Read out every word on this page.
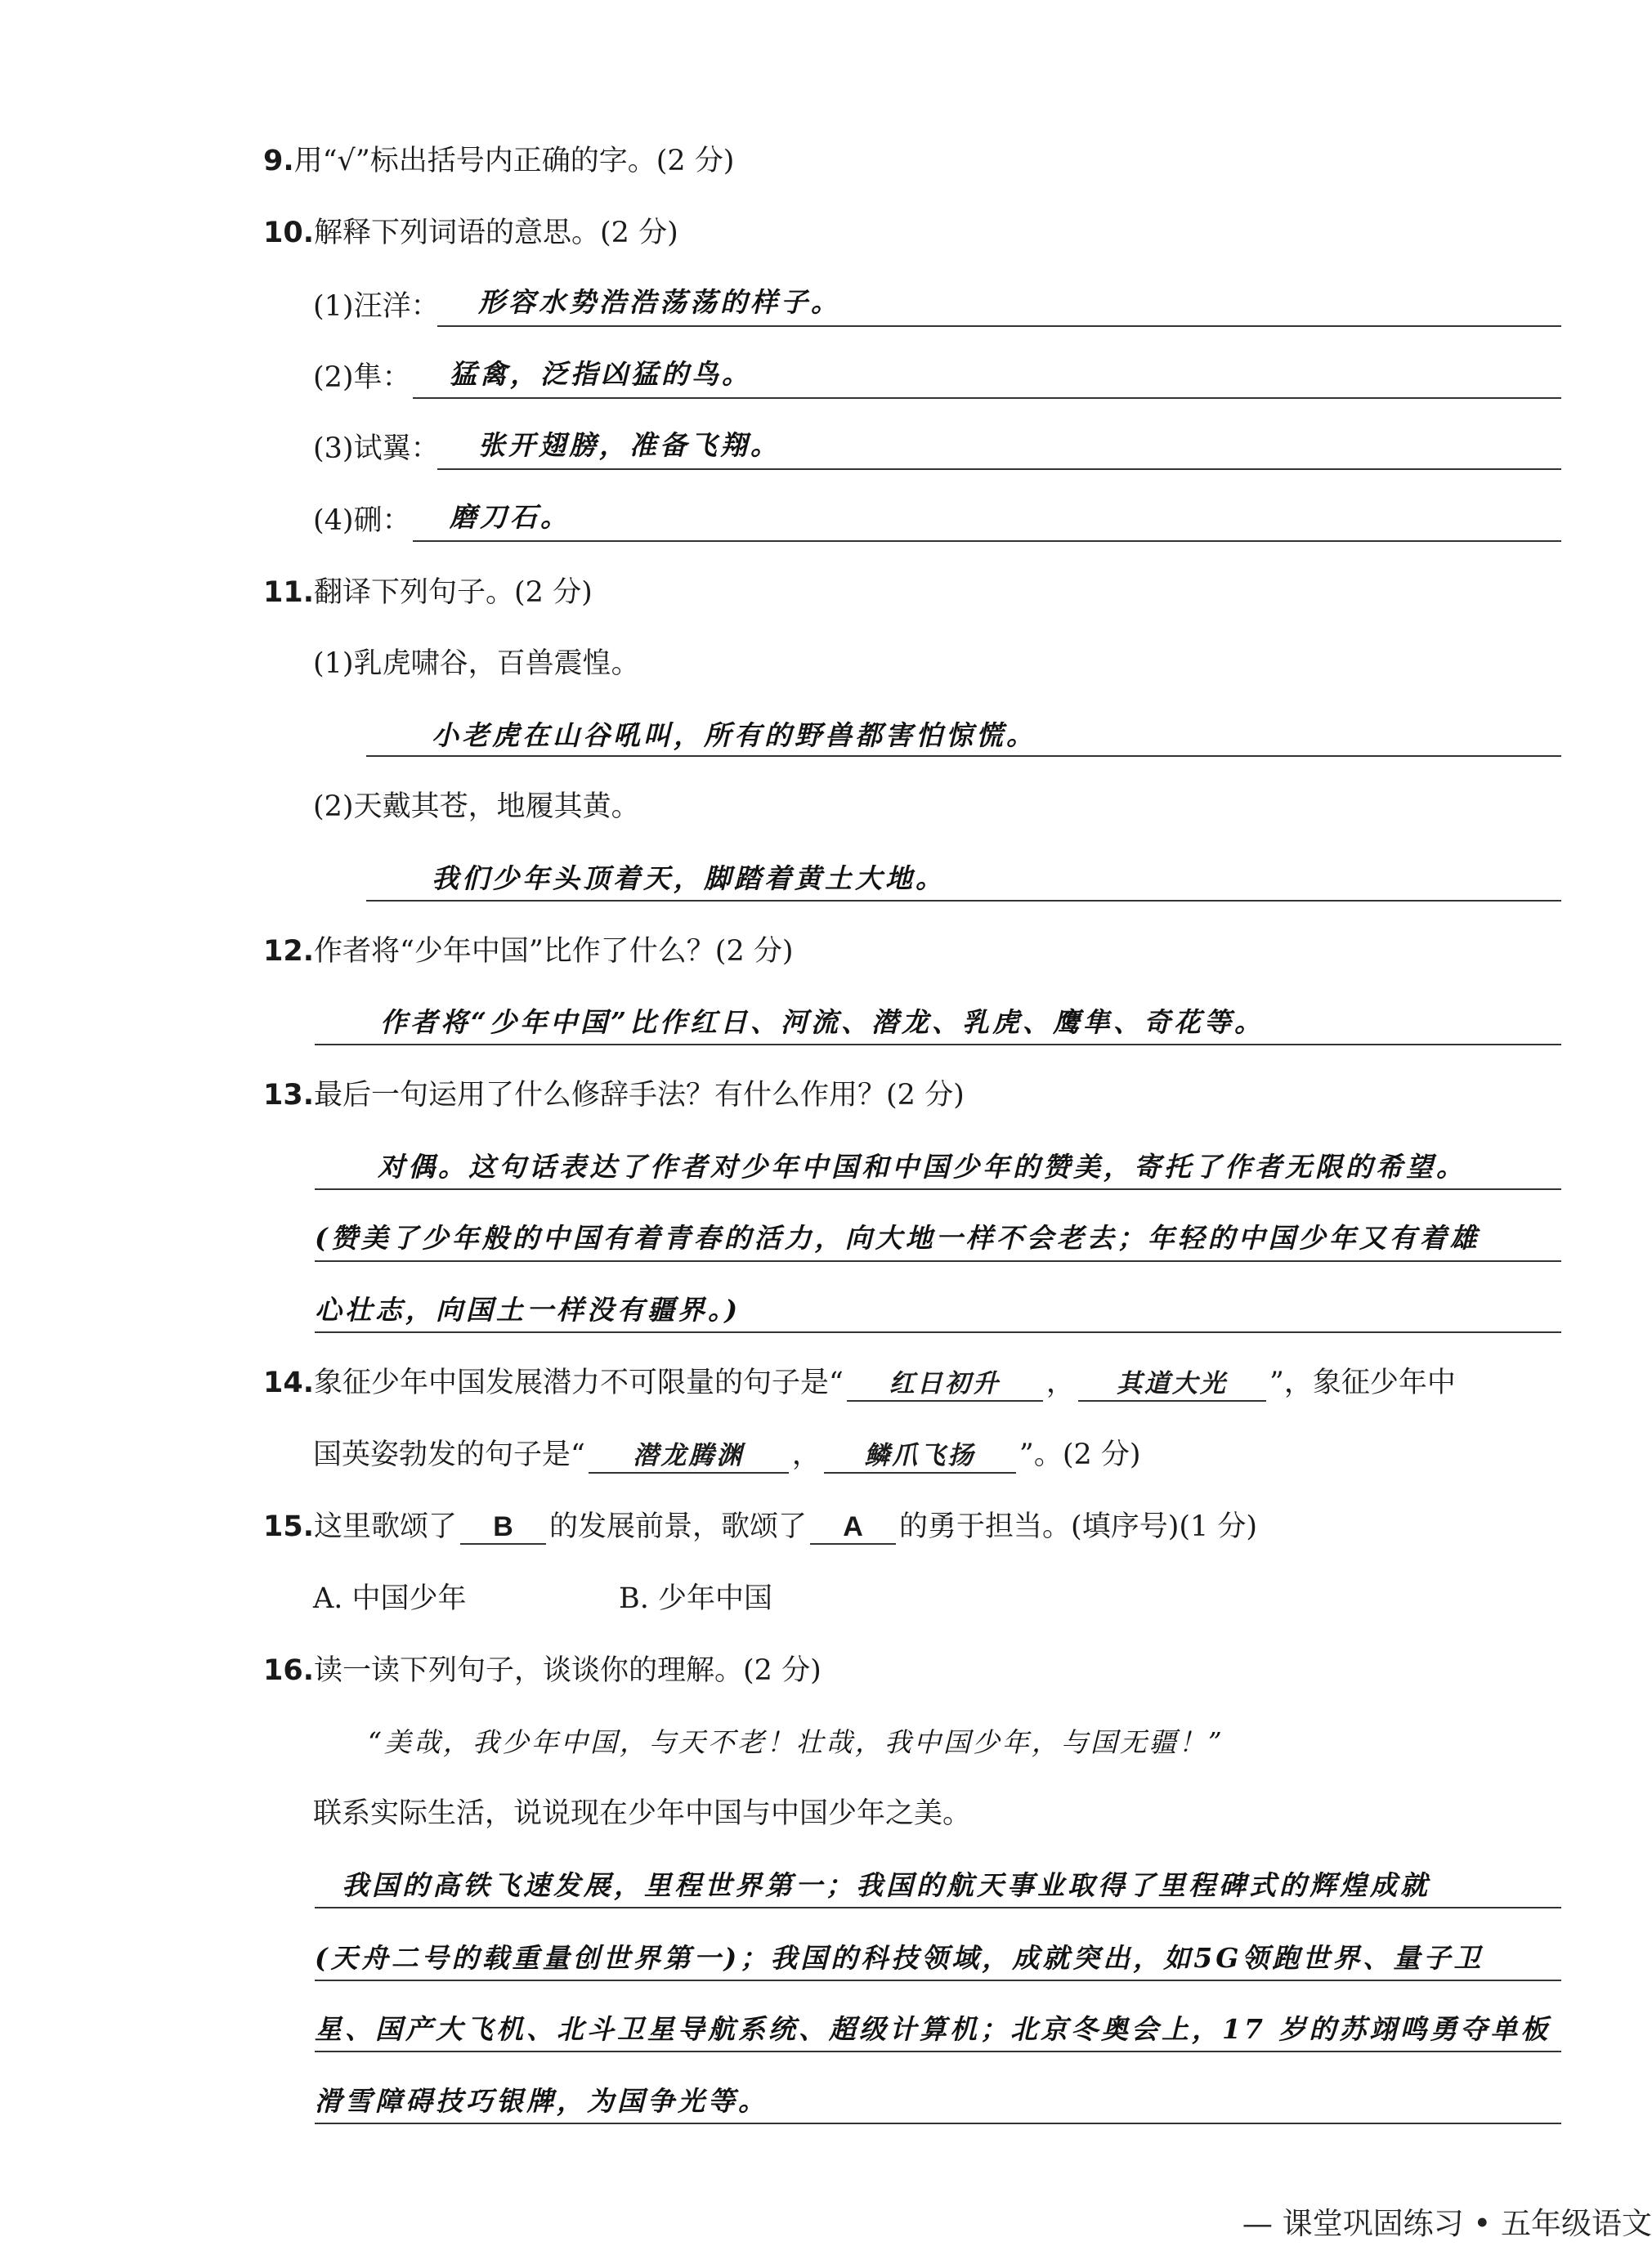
9.用“√”标出括号内正确的字。(2 分)
10.解释下列词语的意思。(2 分)
(1)汪洋： 形容水势浩浩荡荡的样子。
(2)隼： 猛禽，泛指凶猛的鸟。
(3)试翼： 张开翅膀，准备飞翔。
(4)硎： 磨刀石。
11.翻译下列句子。(2 分)
(1)乳虎啸谷，百兽震惶。
小老虎在山谷吼叫，所有的野兽都害怕惊慌。
(2)天戴其苍，地履其黄。
我们少年头顶着天，脚踏着黄土大地。
12.作者将“少年中国”比作了什么？(2 分)
作者将“少年中国”比作红日、河流、潜龙、乳虎、鹰隼、奇花等。
13.最后一句运用了什么修辞手法？有什么作用？(2 分)
对偶。这句话表达了作者对少年中国和中国少年的赞美，寄托了作者无限的希望。
(赞美了少年般的中国有着青春的活力，向大地一样不会老去；年轻的中国少年又有着雄
心壮志，向国土一样没有疆界。)
14.象征少年中国发展潜力不可限量的句子是“ 红日初升 ， 其道大光 ”，象征少年中
国英姿勃发的句子是“ 潜龙腾渊 ， 鳞爪飞扬 ”。(2 分)
15.这里歌颂了 B 的发展前景，歌颂了 A 的勇于担当。(填序号)(1 分)
A. 中国少年	B. 少年中国
16.读一读下列句子，谈谈你的理解。(2 分)
“美哉，我少年中国，与天不老！壮哉，我中国少年，与国无疆！”
联系实际生活，说说现在少年中国与中国少年之美。
我国的高铁飞速发展，里程世界第一；我国的航天事业取得了里程碑式的辉煌成就
(天舟二号的载重量创世界第一)；我国的科技领域，成就突出，如5G领跑世界、量子卫
星、国产大飞机、北斗卫星导航系统、超级计算机；北京冬奥会上，17 岁的苏翊鸣勇夺单板
滑雪障碍技巧银牌，为国争光等。
— 课堂巩固练习 • 五年级语文
